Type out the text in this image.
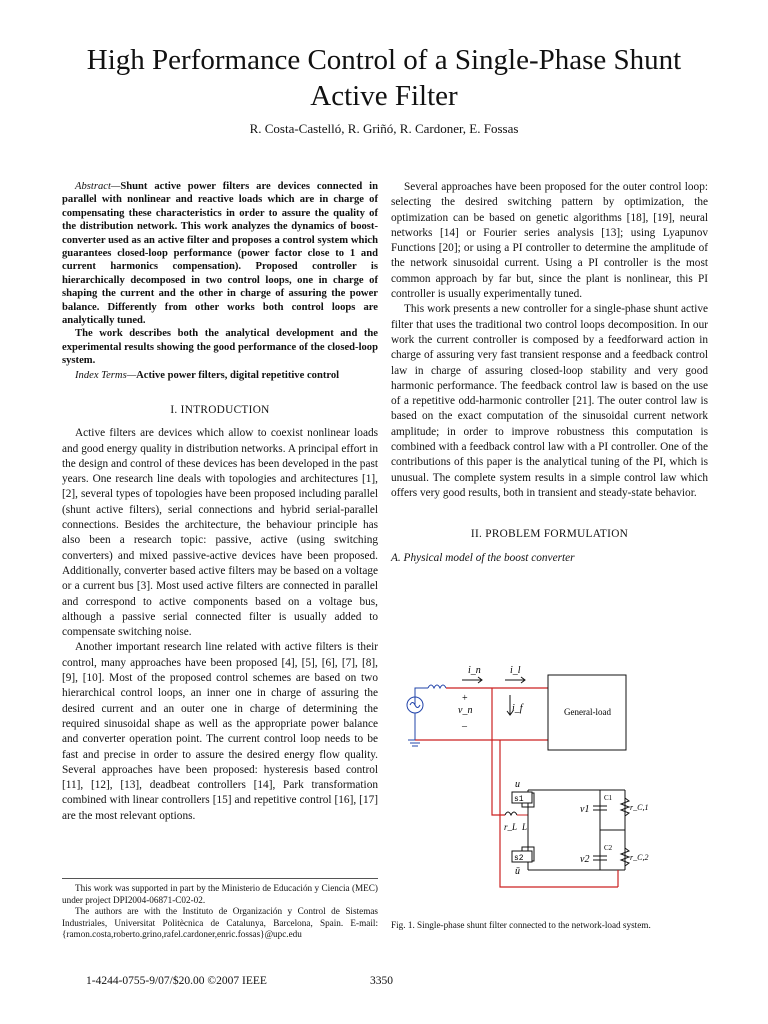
High Performance Control of a Single-Phase Shunt
Active Filter
R. Costa-Castelló, R. Griñó, R. Cardoner, E. Fossas

Abstract—Shunt active power filters are devices connected in parallel with nonlinear and reactive loads which are in charge of compensating these characteristics in order to assure the quality of the distribution network. This work analyzes the dynamics of boost-converter used as an active filter and proposes a control system which guarantees closed-loop performance (power factor close to 1 and current harmonics compensation). Proposed controller is hierarchically decomposed in two control loops, one in charge of shaping the current and the other in charge of assuring the power balance. Differently from other works both control loops are analytically tuned.

The work describes both the analytical development and the experimental results showing the good performance of the closed-loop system.

Index Terms—Active power filters, digital repetitive control

I. INTRODUCTION

Active filters are devices which allow to coexist nonlinear loads and good energy quality in distribution networks. A principal effort in the design and control of these devices has been developed in the past years. One research line deals with topologies and architectures [1], [2], several types of topologies have been proposed including parallel (shunt active filters), serial connections and hybrid serial-parallel connections. Besides the architecture, the behaviour principle has also been a research topic: passive, active (using switching converters) and mixed passive-active devices have been proposed. Additionally, converter based active filters may be based on a voltage or a current bus [3]. Most used active filters are connected in parallel and correspond to active components based on a voltage bus, although a passive serial connected filter is usually added to compensate switching noise.

Another important research line related with active filters is their control, many approaches have been proposed [4], [5], [6], [7], [8], [9], [10]. Most of the proposed control schemes are based on two hierarchical control loops, an inner one in charge of assuring the desired current and an outer one in charge of determining the required sinusoidal shape as well as the appropriate power balance and converter operation point. The current control loop needs to be fast and precise in order to assure the desired energy flow quality. Several approaches have been proposed: hysteresis based control [11], [12], [13], deadbeat controllers [14], Park transformation combined with linear controllers [15] and repetitive control [16], [17] are the most relevant options.

This work was supported in part by the Ministerio de Educación y Ciencia (MEC) under project DPI2004-06871-C02-02.

The authors are with the Instituto de Organización y Control de Sistemas Industriales, Universitat Politècnica de Catalunya, Barcelona, Spain. E-mail:{ramon.costa,roberto.grino,rafel.cardoner,enric.fossas}@upc.edu

Several approaches have been proposed for the outer control loop: selecting the desired switching pattern by optimization, the optimization can be based on genetic algorithms [18], [19], neural networks [14] or Fourier series analysis [13]; using Lyapunov Functions [20]; or using a PI controller to determine the amplitude of the network sinusoidal current. Using a PI controller is the most common approach by far but, since the plant is nonlinear, this PI controller is usually experimentally tuned.

This work presents a new controller for a single-phase shunt active filter that uses the traditional two control loops decomposition. In our work the current controller is composed by a feedforward action in charge of assuring very fast transient response and a feedback control law in charge of assuring closed-loop stability and very good harmonic performance. The feedback control law is based on the use of a repetitive odd-harmonic controller [21]. The outer control law is based on the exact computation of the sinusoidal current network amplitude; in order to improve robustness this computation is combined with a feedback control law with a PI controller. One of the contributions of this paper is the analytical tuning of the PI, which is unusual. The complete system results in a simple control law which offers very good results, both in transient and steady-state behavior.

II. PROBLEM FORMULATION
A. Physical model of the boost converter
i_n	i_l
+
v_n
–
i_f	General-load
s1
s2
u
ū
r_L L
v1
v2
C1
C2
r_C,1
r_C,2
Fig. 1. Single-phase shunt filter connected to the network-load system.
1-4244-0755-9/07/$20.00 ©2007 IEEE	3350
